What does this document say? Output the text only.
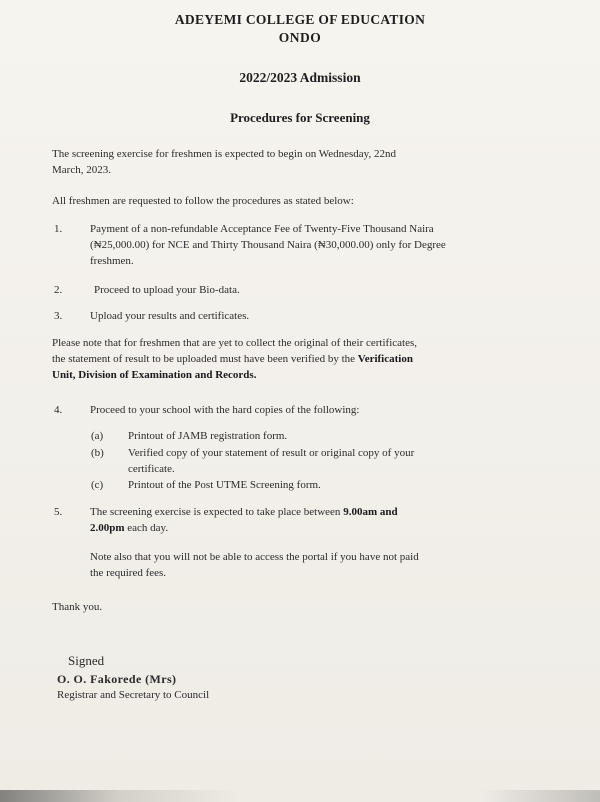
ADEYEMI COLLEGE OF EDUCATION
ONDO
2022/2023 Admission
Procedures for Screening
The screening exercise for freshmen is expected to begin on Wednesday, 22nd
March, 2023.
All freshmen are requested to follow the procedures as stated below:
1.	Payment of a non-refundable Acceptance Fee of Twenty-Five Thousand Naira
(₦25,000.00) for NCE and Thirty Thousand Naira (₦30,000.00) only for Degree
freshmen.
2.	Proceed to upload your Bio-data.
3.	Upload your results and certificates.
Please note that for freshmen that are yet to collect the original of their certificates,
the statement of result to be uploaded must have been verified by the Verification
Unit, Division of Examination and Records.
4.	Proceed to your school with the hard copies of the following:
(a) Printout of JAMB registration form.
(b) Verified copy of your statement of result or original copy of your
certificate.
(c) Printout of the Post UTME Screening form.
5.	The screening exercise is expected to take place between 9.00am and
2.00pm each day.
Note also that you will not be able to access the portal if you have not paid
the required fees.
Thank you.
Signed
O. O. Fakorede (Mrs)
Registrar and Secretary to Council
